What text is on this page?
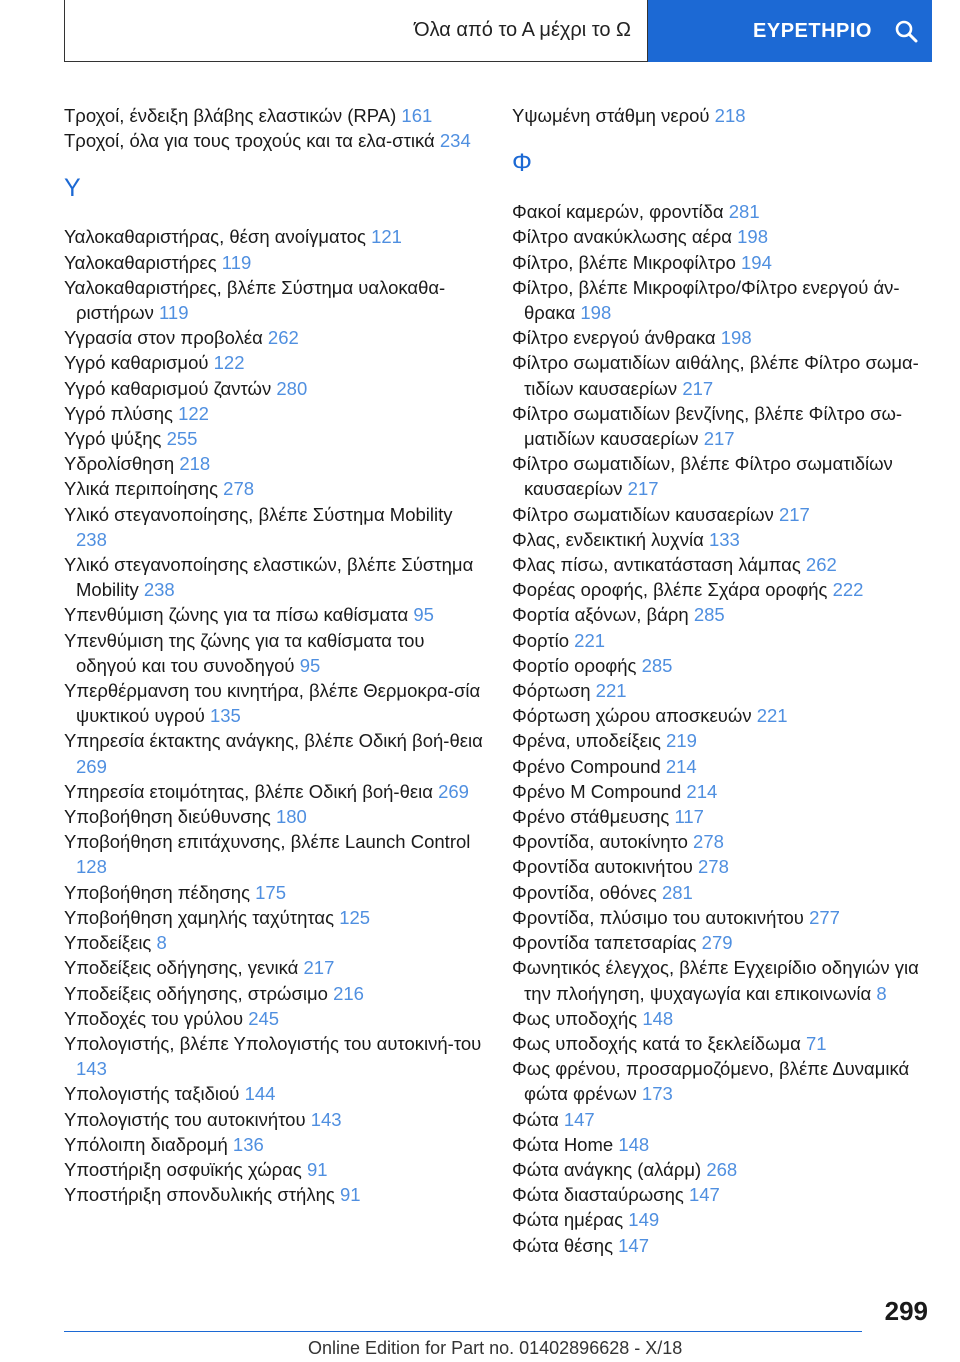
Όλα από το Α μέχρι το Ω	ΕΥΡΕΤΗΡΙΟ
Τροχοί, ένδειξη βλάβης ελαστικών (RPA) 161
Τροχοί, όλα για τους τροχούς και τα ελα-στικά 234
Υ
Υαλοκαθαριστήρας, θέση ανοίγματος 121
Υαλοκαθαριστήρες 119
Υαλοκαθαριστήρες, βλέπε Σύστημα υαλοκαθα-ριστήρων 119
Υγρασία στον προβολέα 262
Υγρό καθαρισμού 122
Υγρό καθαρισμού ζαντών 280
Υγρό πλύσης 122
Υγρό ψύξης 255
Υδρολίσθηση 218
Υλικά περιποίησης 278
Υλικό στεγανοποίησης, βλέπε Σύστημα Mobility 238
Υλικό στεγανοποίησης ελαστικών, βλέπε Σύστημα Mobility 238
Υπενθύμιση ζώνης για τα πίσω καθίσματα 95
Υπενθύμιση της ζώνης για τα καθίσματα του οδηγού και του συνοδηγού 95
Υπερθέρμανση του κινητήρα, βλέπε Θερμοκρα-σία ψυκτικού υγρού 135
Υπηρεσία έκτακτης ανάγκης, βλέπε Οδική βοή-θεια 269
Υπηρεσία ετοιμότητας, βλέπε Οδική βοή-θεια 269
Υποβοήθηση διεύθυνσης 180
Υποβοήθηση επιτάχυνσης, βλέπε Launch Control 128
Υποβοήθηση πέδησης 175
Υποβοήθηση χαμηλής ταχύτητας 125
Υποδείξεις 8
Υποδείξεις οδήγησης, γενικά 217
Υποδείξεις οδήγησης, στρώσιμο 216
Υποδοχές του γρύλου 245
Υπολογιστής, βλέπε Υπολογιστής του αυτοκινή-του 143
Υπολογιστής ταξιδιού 144
Υπολογιστής του αυτοκινήτου 143
Υπόλοιπη διαδρομή 136
Υποστήριξη οσφυϊκής χώρας 91
Υποστήριξη σπονδυλικής στήλης 91
Υψωμένη στάθμη νερού 218
Φ
Φακοί καμερών, φροντίδα 281
Φίλτρο ανακύκλωσης αέρα 198
Φίλτρο, βλέπε Μικροφίλτρο 194
Φίλτρο, βλέπε Μικροφίλτρο/Φίλτρο ενεργού άν-θρακα 198
Φίλτρο ενεργού άνθρακα 198
Φίλτρο σωματιδίων αιθάλης, βλέπε Φίλτρο σωμα-τιδίων καυσαερίων 217
Φίλτρο σωματιδίων βενζίνης, βλέπε Φίλτρο σω-ματιδίων καυσαερίων 217
Φίλτρο σωματιδίων, βλέπε Φίλτρο σωματιδίων καυσαερίων 217
Φίλτρο σωματιδίων καυσαερίων 217
Φλας, ενδεικτική λυχνία 133
Φλας πίσω, αντικατάσταση λάμπας 262
Φορέας οροφής, βλέπε Σχάρα οροφής 222
Φορτία αξόνων, βάρη 285
Φορτίο 221
Φορτίο οροφής 285
Φόρτωση 221
Φόρτωση χώρου αποσκευών 221
Φρένα, υποδείξεις 219
Φρένο Compound 214
Φρένο M Compound 214
Φρένο στάθμευσης 117
Φροντίδα, αυτοκίνητο 278
Φροντίδα αυτοκινήτου 278
Φροντίδα, οθόνες 281
Φροντίδα, πλύσιμο του αυτοκινήτου 277
Φροντίδα ταπετσαρίας 279
Φωνητικός έλεγχος, βλέπε Εγχειρίδιο οδηγιών για την πλοήγηση, ψυχαγωγία και επικοινωνία 8
Φως υποδοχής 148
Φως υποδοχής κατά το ξεκλείδωμα 71
Φως φρένου, προσαρμοζόμενο, βλέπε Δυναμικά φώτα φρένων 173
Φώτα 147
Φώτα Home 148
Φώτα ανάγκης (αλάρμ) 268
Φώτα διασταύρωσης 147
Φώτα ημέρας 149
Φώτα θέσης 147
299
Online Edition for Part no. 01402896628 - X/18
